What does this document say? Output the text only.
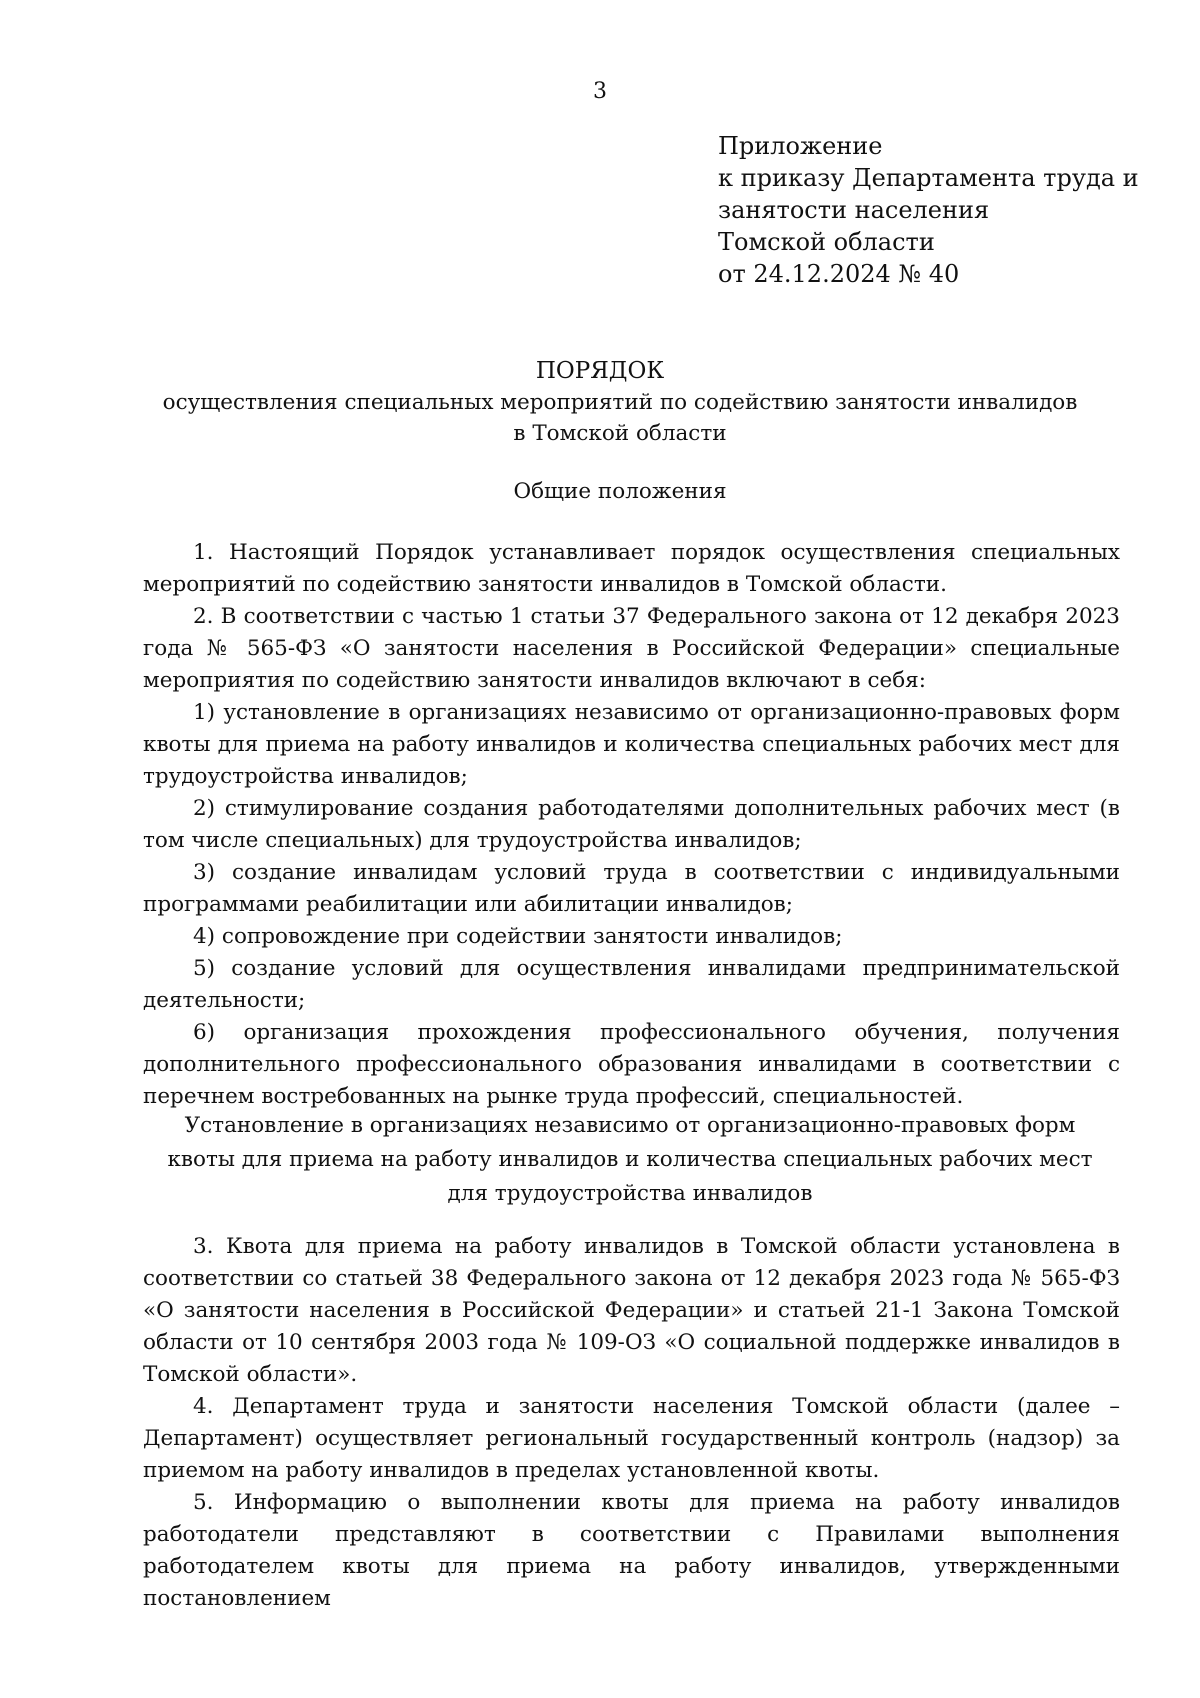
3
Приложение
к приказу Департамента труда и
занятости населения
Томской области
от 24.12.2024 № 40
ПОРЯДОК
осуществления специальных мероприятий по содействию занятости инвалидов в Томской области
Общие положения

1. Настоящий Порядок устанавливает порядок осуществления специальных мероприятий по содействию занятости инвалидов в Томской области.

2. В соответствии с частью 1 статьи 37 Федерального закона от 12 декабря 2023 года № 565-ФЗ «О занятости населения в Российской Федерации» специальные мероприятия по содействию занятости инвалидов включают в себя:

1) установление в организациях независимо от организационно-правовых форм квоты для приема на работу инвалидов и количества специальных рабочих мест для трудоустройства инвалидов;

2) стимулирование создания работодателями дополнительных рабочих мест (в том числе специальных) для трудоустройства инвалидов;

3) создание инвалидам условий труда в соответствии с индивидуальными программами реабилитации или абилитации инвалидов;

4) сопровождение при содействии занятости инвалидов;

5) создание условий для осуществления инвалидами предпринимательской деятельности;

6) организация прохождения профессионального обучения, получения дополнительного профессионального образования инвалидами в соответствии с перечнем востребованных на рынке труда профессий, специальностей.

Установление в организациях независимо от организационно-правовых форм квоты для приема на работу инвалидов и количества специальных рабочих мест для трудоустройства инвалидов

3. Квота для приема на работу инвалидов в Томской области установлена в соответствии со статьей 38 Федерального закона от 12 декабря 2023 года № 565-ФЗ «О занятости населения в Российской Федерации» и статьей 21-1 Закона Томской области от 10 сентября 2003 года № 109-ОЗ «О социальной поддержке инвалидов в Томской области».

4. Департамент труда и занятости населения Томской области (далее – Департамент) осуществляет региональный государственный контроль (надзор) за приемом на работу инвалидов в пределах установленной квоты.

5. Информацию о выполнении квоты для приема на работу инвалидов работодатели представляют в соответствии с Правилами выполнения работодателем квоты для приема на работу инвалидов, утвержденными постановлением
